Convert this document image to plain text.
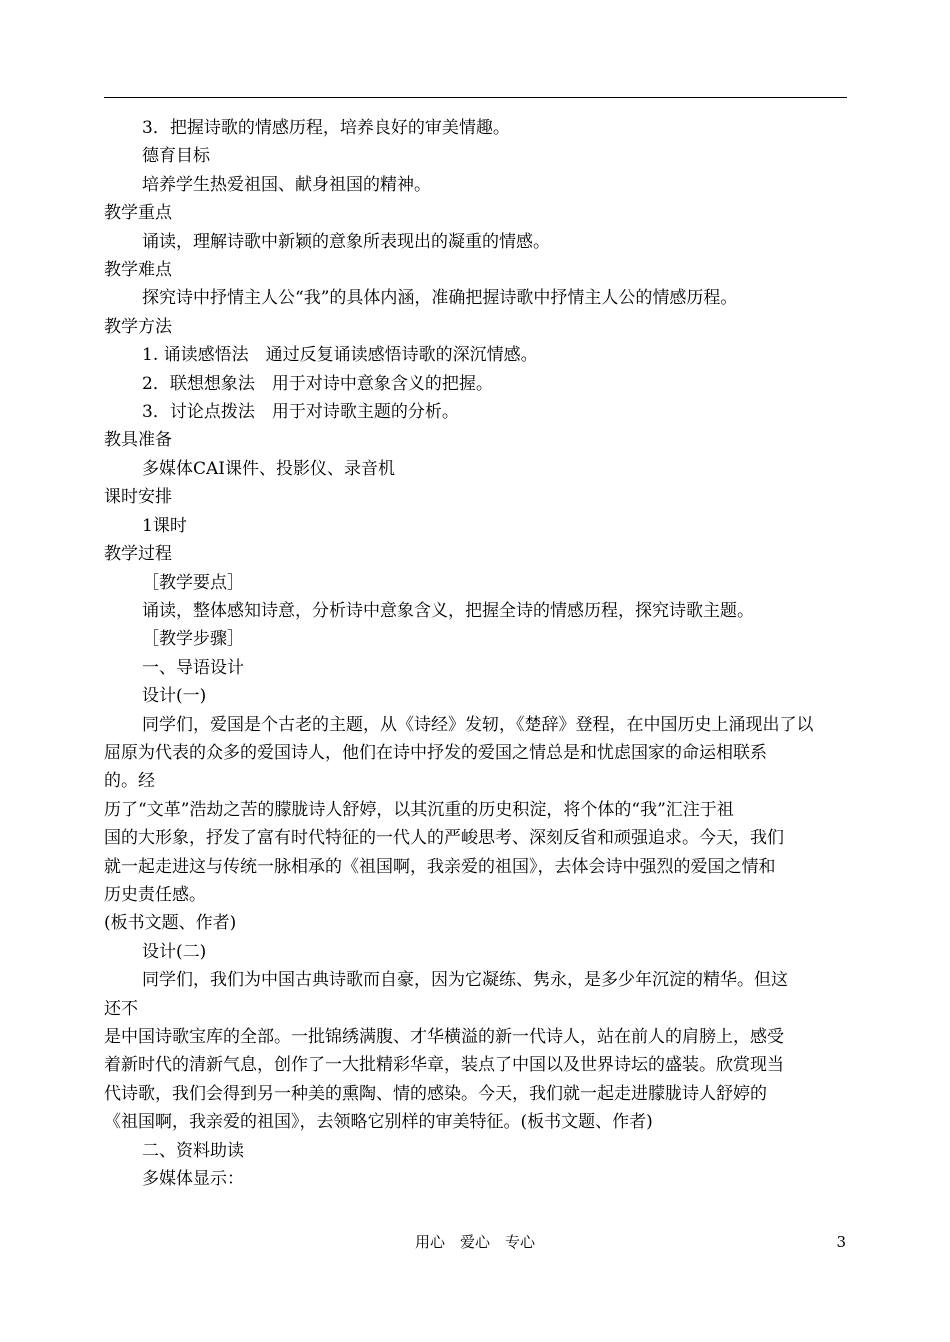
3．把握诗歌的情感历程，培养良好的审美情趣。

德育目标

培养学生热爱祖国、献身祖国的精神。

教学重点

诵读，理解诗歌中新颖的意象所表现出的凝重的情感。

教学难点

探究诗中抒情主人公“我”的具体内涵，准确把握诗歌中抒情主人公的情感历程。

教学方法

1. 诵读感悟法　通过反复诵读感悟诗歌的深沉情感。

2．联想想象法　用于对诗中意象含义的把握。

3．讨论点拨法　用于对诗歌主题的分析。

教具准备

多媒体CAI课件、投影仪、录音机

课时安排

1课时

教学过程

［教学要点］

诵读，整体感知诗意，分析诗中意象含义，把握全诗的情感历程，探究诗歌主题。

［教学步骤］

一、导语设计

设计(一)

同学们，爱国是个古老的主题，从《诗经》发轫，《楚辞》登程，在中国历史上涌现出了以

屈原为代表的众多的爱国诗人，他们在诗中抒发的爱国之情总是和忧虑国家的命运相联系

的。经

历了“文革”浩劫之苦的朦胧诗人舒婷，以其沉重的历史积淀，将个体的“我”汇注于祖

国的大形象，抒发了富有时代特征的一代人的严峻思考、深刻反省和顽强追求。今天，我们

就一起走进这与传统一脉相承的《祖国啊，我亲爱的祖国》，去体会诗中强烈的爱国之情和

历史责任感。

(板书文题、作者)

设计(二)

同学们，我们为中国古典诗歌而自豪，因为它凝练、隽永，是多少年沉淀的精华。但这

还不

是中国诗歌宝库的全部。一批锦绣满腹、才华横溢的新一代诗人，站在前人的肩膀上，感受

着新时代的清新气息，创作了一大批精彩华章，装点了中国以及世界诗坛的盛装。欣赏现当

代诗歌，我们会得到另一种美的熏陶、情的感染。今天，我们就一起走进朦胧诗人舒婷的

《祖国啊，我亲爱的祖国》，去领略它别样的审美特征。(板书文题、作者)

二、资料助读

多媒体显示：

用心　爱心　专心	3
